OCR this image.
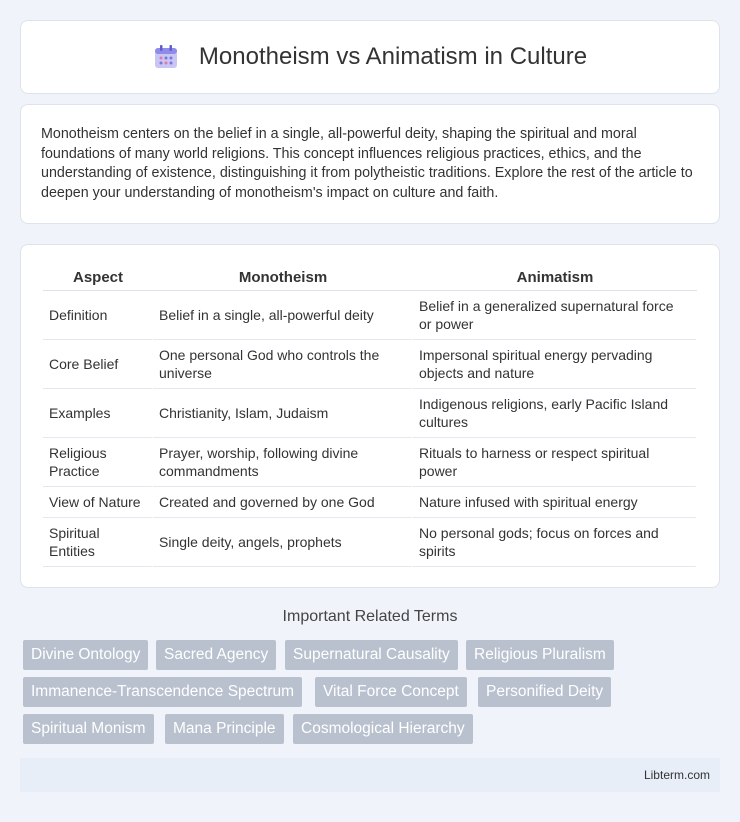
Monotheism vs Animatism in Culture

Monotheism centers on the belief in a single, all-powerful deity, shaping the spiritual and moral foundations of many world religions. This concept influences religious practices, ethics, and the understanding of existence, distinguishing it from polytheistic traditions. Explore the rest of the article to deepen your understanding of monotheism's impact on culture and faith.

Aspect	Monotheism	Animatism
Definition	Belief in a single, all-powerful deity	Belief in a generalized supernatural force or power
Core Belief	One personal God who controls the universe	Impersonal spiritual energy pervading objects and nature
Examples	Christianity, Islam, Judaism	Indigenous religions, early Pacific Island cultures
Religious Practice	Prayer, worship, following divine commandments	Rituals to harness or respect spiritual power
View of Nature	Created and governed by one God	Nature infused with spiritual energy
Spiritual Entities	Single deity, angels, prophets	No personal gods; focus on forces and spirits
Important Related Terms
Divine Ontology	Sacred Agency	Supernatural Causality	Religious Pluralism
Immanence-Transcendence Spectrum	Vital Force Concept	Personified Deity
Spiritual Monism	Mana Principle	Cosmological Hierarchy
Libterm.com
